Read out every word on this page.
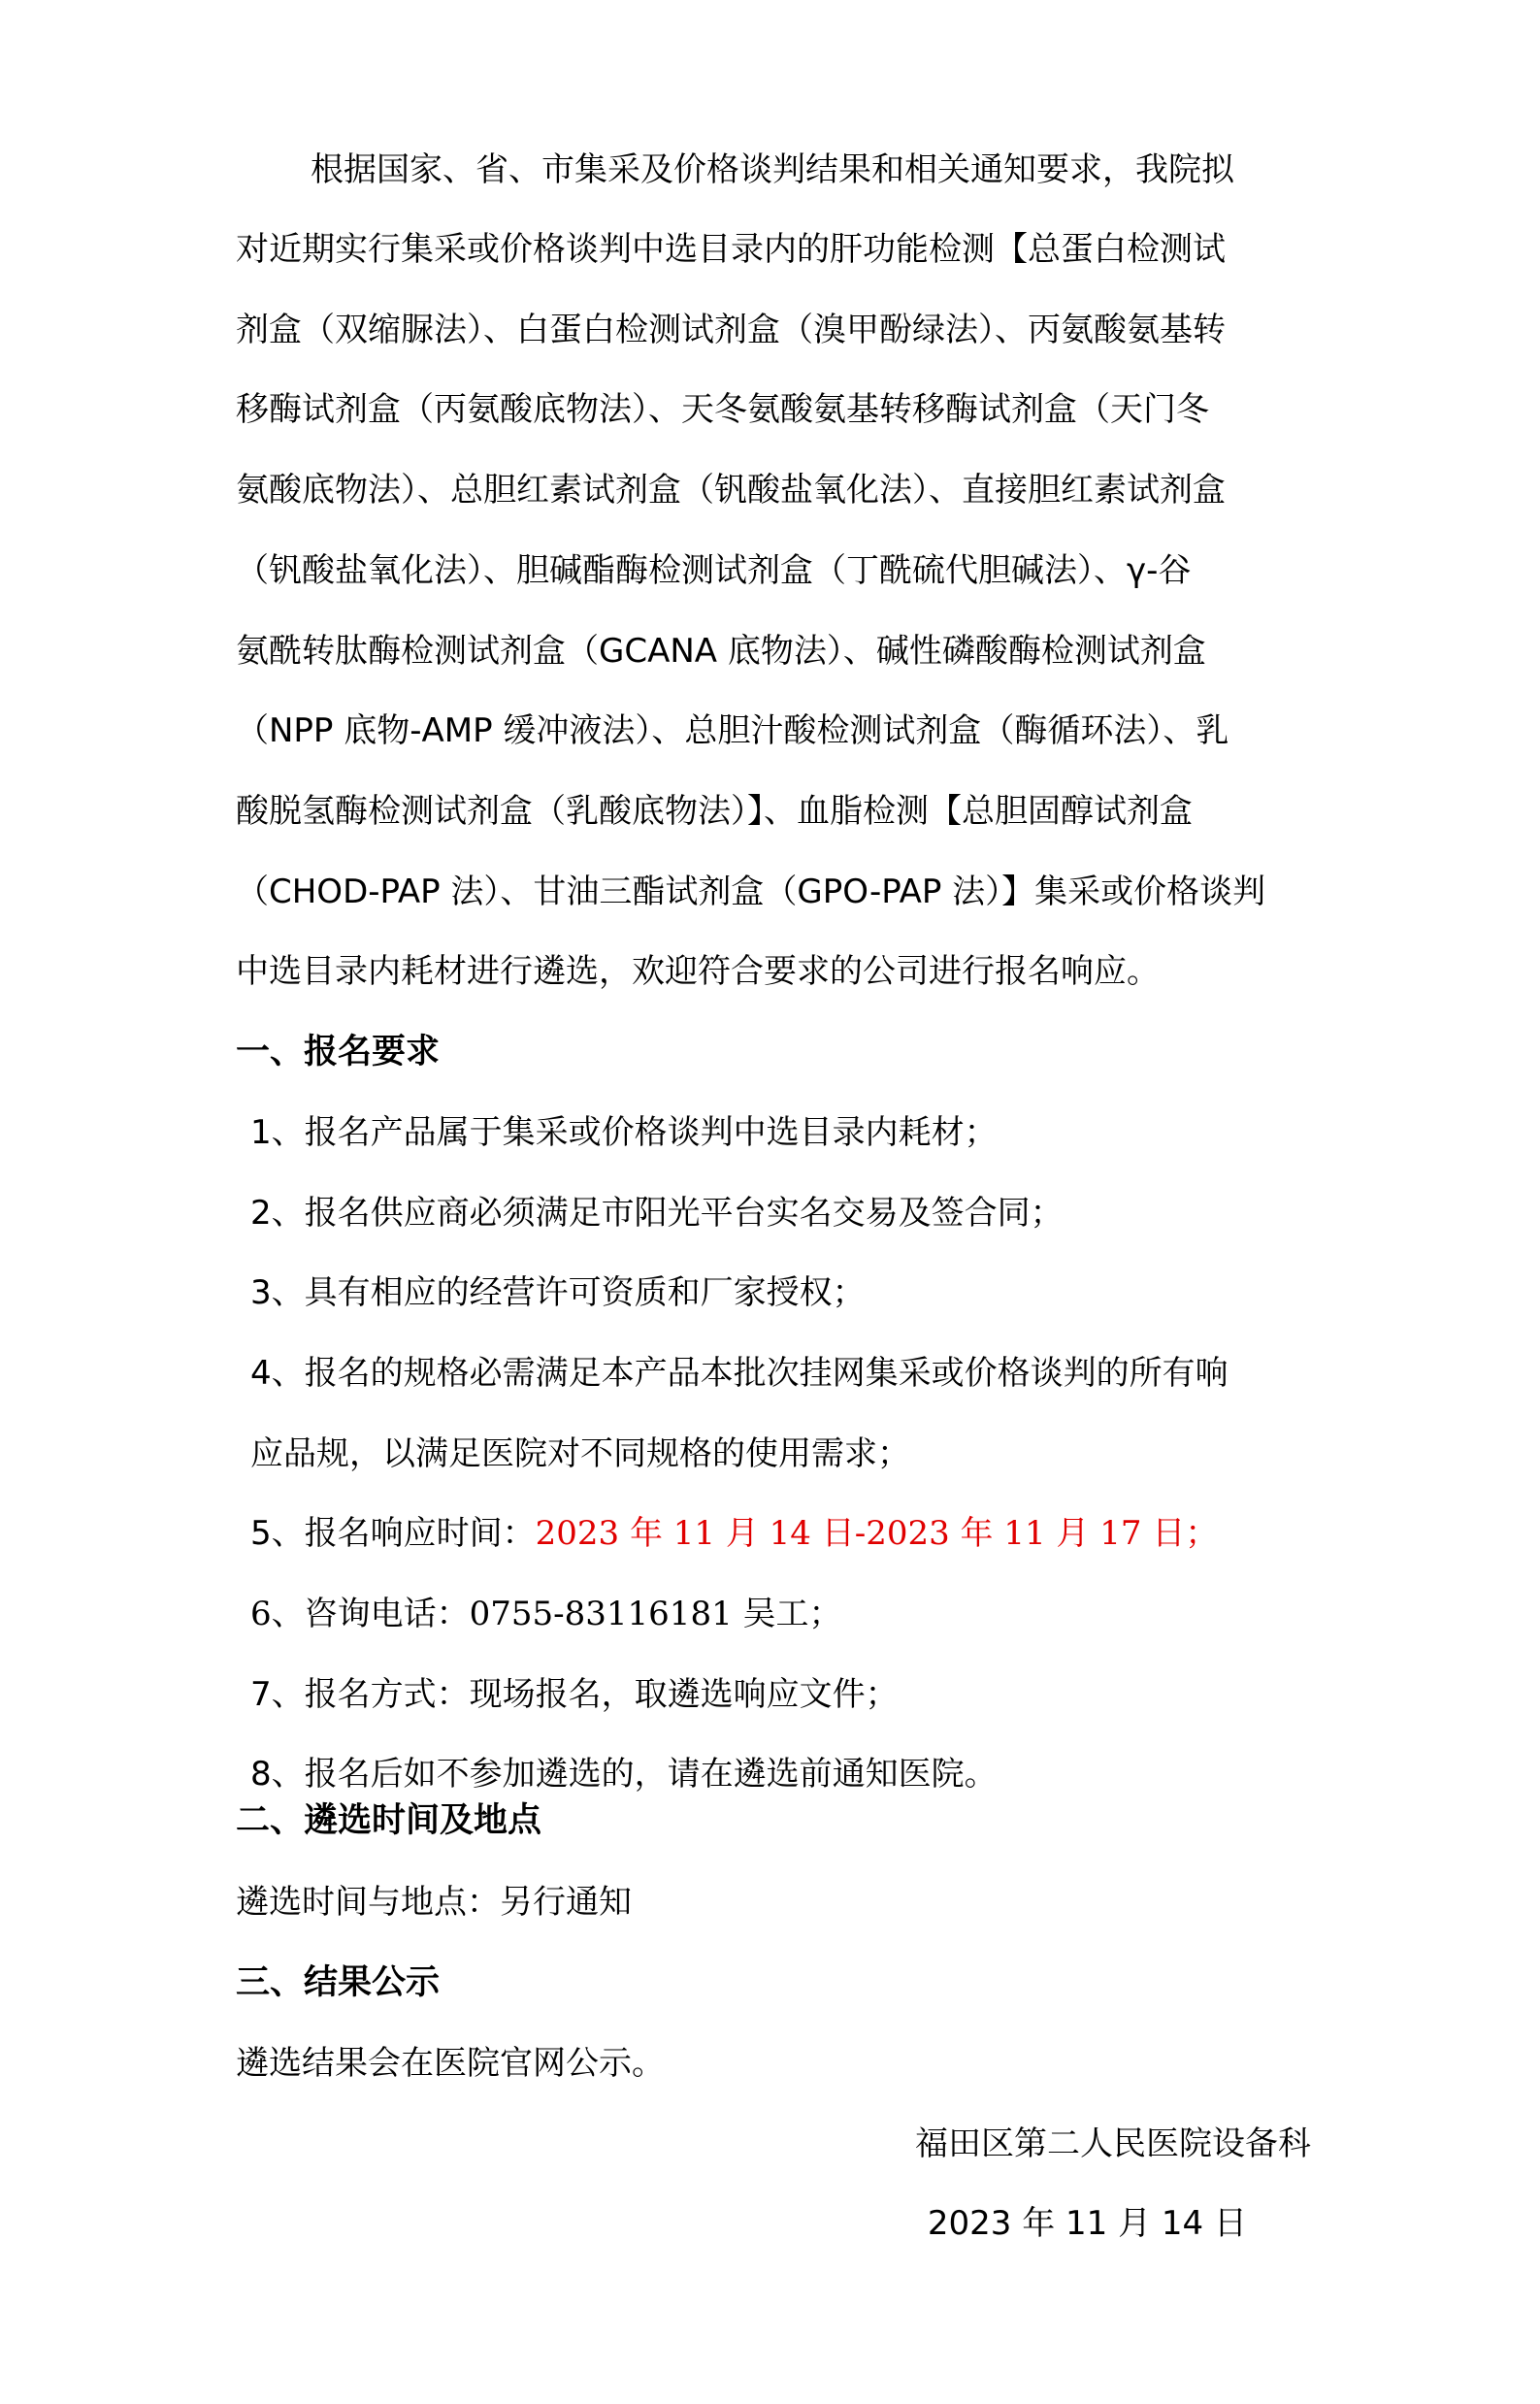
根据国家、省、市集采及价格谈判结果和相关通知要求，我院拟
对近期实行集采或价格谈判中选目录内的肝功能检测【总蛋白检测试
剂盒（双缩脲法）、白蛋白检测试剂盒（溴甲酚绿法）、丙氨酸氨基转
移酶试剂盒（丙氨酸底物法）、天冬氨酸氨基转移酶试剂盒（天门冬
氨酸底物法）、总胆红素试剂盒（钒酸盐氧化法）、直接胆红素试剂盒
（钒酸盐氧化法）、胆碱酯酶检测试剂盒（丁酰硫代胆碱法）、γ-谷
氨酰转肽酶检测试剂盒（GCANA 底物法）、碱性磷酸酶检测试剂盒
（NPP 底物-AMP 缓冲液法）、总胆汁酸检测试剂盒（酶循环法）、乳
酸脱氢酶检测试剂盒（乳酸底物法）】、血脂检测【总胆固醇试剂盒
（CHOD-PAP 法）、甘油三酯试剂盒（GPO-PAP 法）】集采或价格谈判
中选目录内耗材进行遴选，欢迎符合要求的公司进行报名响应。
一、报名要求
1、报名产品属于集采或价格谈判中选目录内耗材；
2、报名供应商必须满足市阳光平台实名交易及签合同；
3、具有相应的经营许可资质和厂家授权；
4、报名的规格必需满足本产品本批次挂网集采或价格谈判的所有响
应品规，以满足医院对不同规格的使用需求；
5、报名响应时间：2023 年 11 月 14 日-2023 年 11 月 17 日；
6、咨询电话：0755-83116181 吴工；
7、报名方式：现场报名，取遴选响应文件；
8、报名后如不参加遴选的，请在遴选前通知医院。
二、遴选时间及地点
遴选时间与地点：另行通知
三、结果公示
遴选结果会在医院官网公示。
福田区第二人民医院设备科
2023 年 11 月 14 日
